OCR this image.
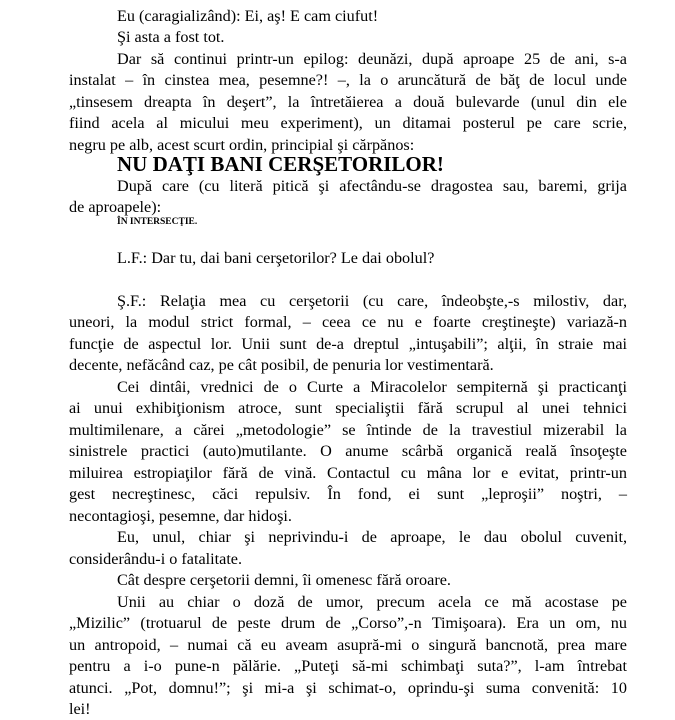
Eu (caragializând): Ei, aş! E cam ciufut!
Şi asta a fost tot.
Dar să continui printr-un epilog: deunăzi, după aproape 25 de ani, s-a
instalat – în cinstea mea, pesemne?! –, la o aruncătură de băţ de locul unde
„tinsesem dreapta în deşert”, la întretăierea a două bulevarde (unul din ele
fiind acela al micului meu experiment), un ditamai posterul pe care scrie,
negru pe alb, acest scurt ordin, principial şi cărpănos:
NU DAŢI BANI CERŞETORILOR!
După care (cu literă pitică şi afectându-se dragostea sau, baremi, grija
de aproapele):
ÎN INTERSECŢIE.
L.F.: Dar tu, dai bani cerşetorilor? Le dai obolul?
Ş.F.: Relaţia mea cu cerşetorii (cu care, îndeobşte,-s milostiv, dar,
uneori, la modul strict formal, – ceea ce nu e foarte creştineşte) variază-n
funcţie de aspectul lor. Unii sunt de-a dreptul „intuşabili”; alţii, în straie mai
decente, nefăcând caz, pe cât posibil, de penuria lor vestimentară.
Cei dintâi, vrednici de o Curte a Miracolelor sempiternă şi practicanţi
ai unui exhibiţionism atroce, sunt specialiştii fără scrupul al unei tehnici
multimilenare, a cărei „metodologie” se întinde de la travestiul mizerabil la
sinistrele practici (auto)mutilante. O anume scârbă organică reală însoţeşte
miluirea estropiaţilor fără de vină. Contactul cu mâna lor e evitat, printr-un
gest necreştinesc, căci repulsiv. În fond, ei sunt „leproşii” noştri, –
necontagioşi, pesemne, dar hidoşi.
Eu, unul, chiar şi neprivindu-i de aproape, le dau obolul cuvenit,
considerându-i o fatalitate.
Cât despre cerşetorii demni, îi omenesc fără oroare.
Unii au chiar o doză de umor, precum acela ce mă acostase pe
„Mizilic” (trotuarul de peste drum de „Corso”,-n Timişoara). Era un om, nu
un antropoid, – numai că eu aveam asupră-mi o singură bancnotă, prea mare
pentru a i-o pune-n pălărie. „Puteţi să-mi schimbaţi suta?”, l-am întrebat
atunci. „Pot, domnu!”; şi mi-a şi schimat-o, oprindu-şi suma convenită: 10
lei!
